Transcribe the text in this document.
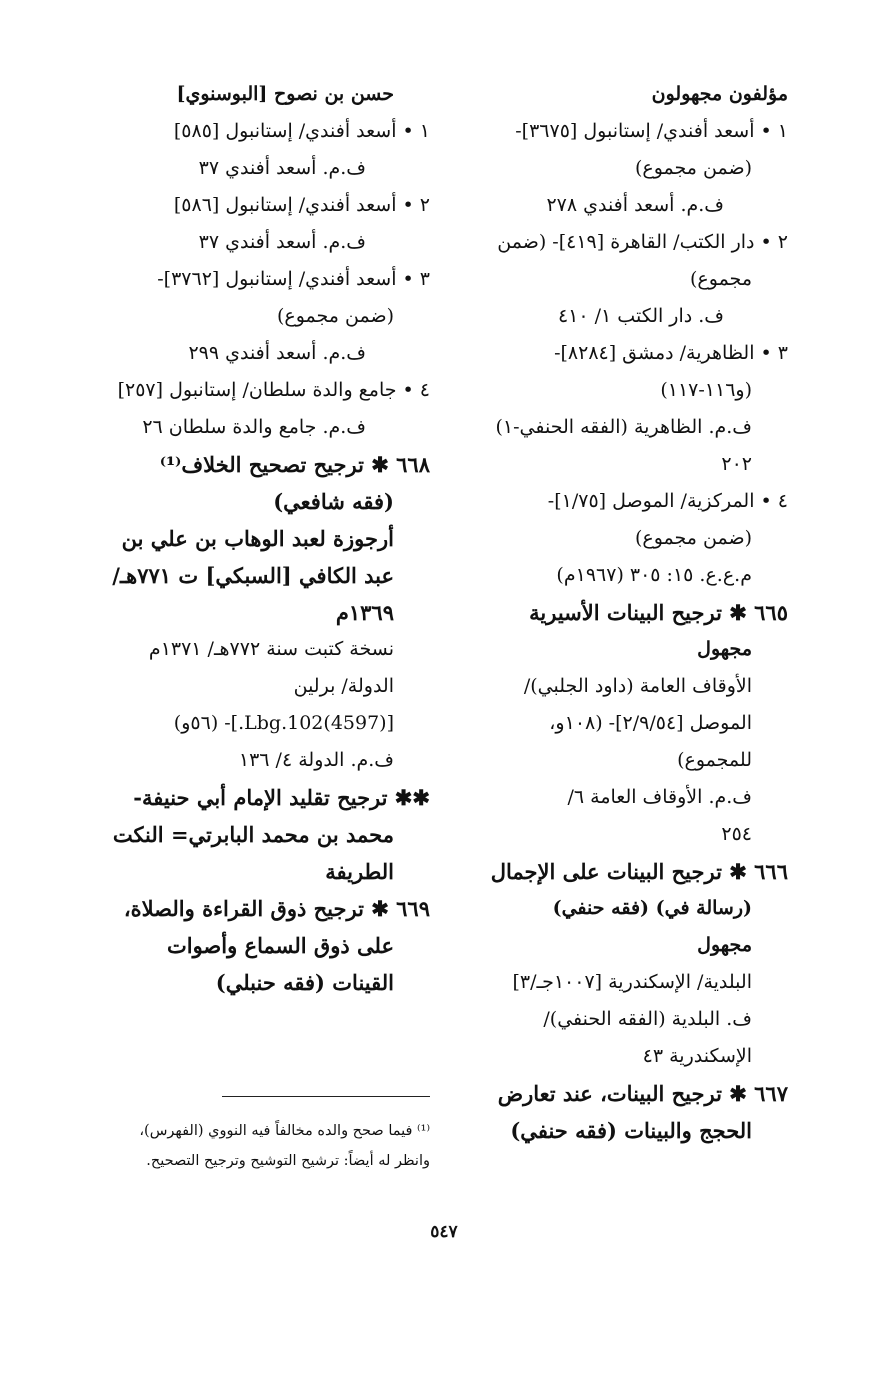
مؤلفون مجهولون
١ • أسعد أفندي/ إستانبول [٣٦٧٥]-
(ضمن مجموع)
ف.م. أسعد أفندي ٢٧٨
٢ • دار الكتب/ القاهرة [٤١٩]- (ضمن
مجموع)
ف. دار الكتب ١/ ٤١٠
٣ • الظاهرية/ دمشق [٨٢٨٤]-
(و١١٦-١١٧)
ف.م. الظاهرية (الفقه الحنفي-١)
٢٠٢
٤ • المركزية/ الموصل [١/٧٥]-
(ضمن مجموع)
م.ع.ع. ١٥: ٣٠٥ (١٩٦٧م)
٦٦٥ ✱ ترجيح البينات الأسيرية
مجهول
الأوقاف العامة (داود الجلبي)/
الموصل [٢/٩/٥٤]- (١٠٨و،
للمجموع)
ف.م. الأوقاف العامة ٦/
٢٥٤
٦٦٦ ✱ ترجيح البينات على الإجمال
(رسالة في) (فقه حنفي)
مجهول
البلدية/ الإسكندرية [١٠٠٧جـ/٣]
ف. البلدية (الفقه الحنفي)/
الإسكندرية ٤٣
٦٦٧ ✱ ترجيح البينات، عند تعارض
الحجج والبينات (فقه حنفي)
حسن بن نصوح [البوسنوي]
١ • أسعد أفندي/ إستانبول [٥٨٥]
ف.م. أسعد أفندي ٣٧
٢ • أسعد أفندي/ إستانبول [٥٨٦]
ف.م. أسعد أفندي ٣٧
٣ • أسعد أفندي/ إستانبول [٣٧٦٢]-
(ضمن مجموع)
ف.م. أسعد أفندي ٢٩٩
٤ • جامع والدة سلطان/ إستانبول [٢٥٧]
ف.م. جامع والدة سلطان ٢٦
٦٦٨ ✱ ترجيح تصحيح الخلاف⁽¹⁾
(فقه شافعي)
أرجوزة لعبد الوهاب بن علي بن
عبد الكافي [السبكي] ت ٧٧١هـ/
١٣٦٩م
نسخة كتبت سنة ٧٧٢هـ/ ١٣٧١م
الدولة/ برلين
[(4597)Lbg.102.]- (٥٦و)
ف.م. الدولة ٤/ ١٣٦
✱✱ ترجيح تقليد الإمام أبي حنيفة-
محمد بن محمد البابرتي= النكت
الطريفة
٦٦٩ ✱ ترجيح ذوق القراءة والصلاة،
على ذوق السماع وأصوات
القينات (فقه حنبلي)
⁽¹⁾ فيما صحح والده مخالفاً فيه النووي (الفهرس)،
وانظر له أيضاً: ترشيح التوشيح وترجيح التصحيح.
٥٤٧
